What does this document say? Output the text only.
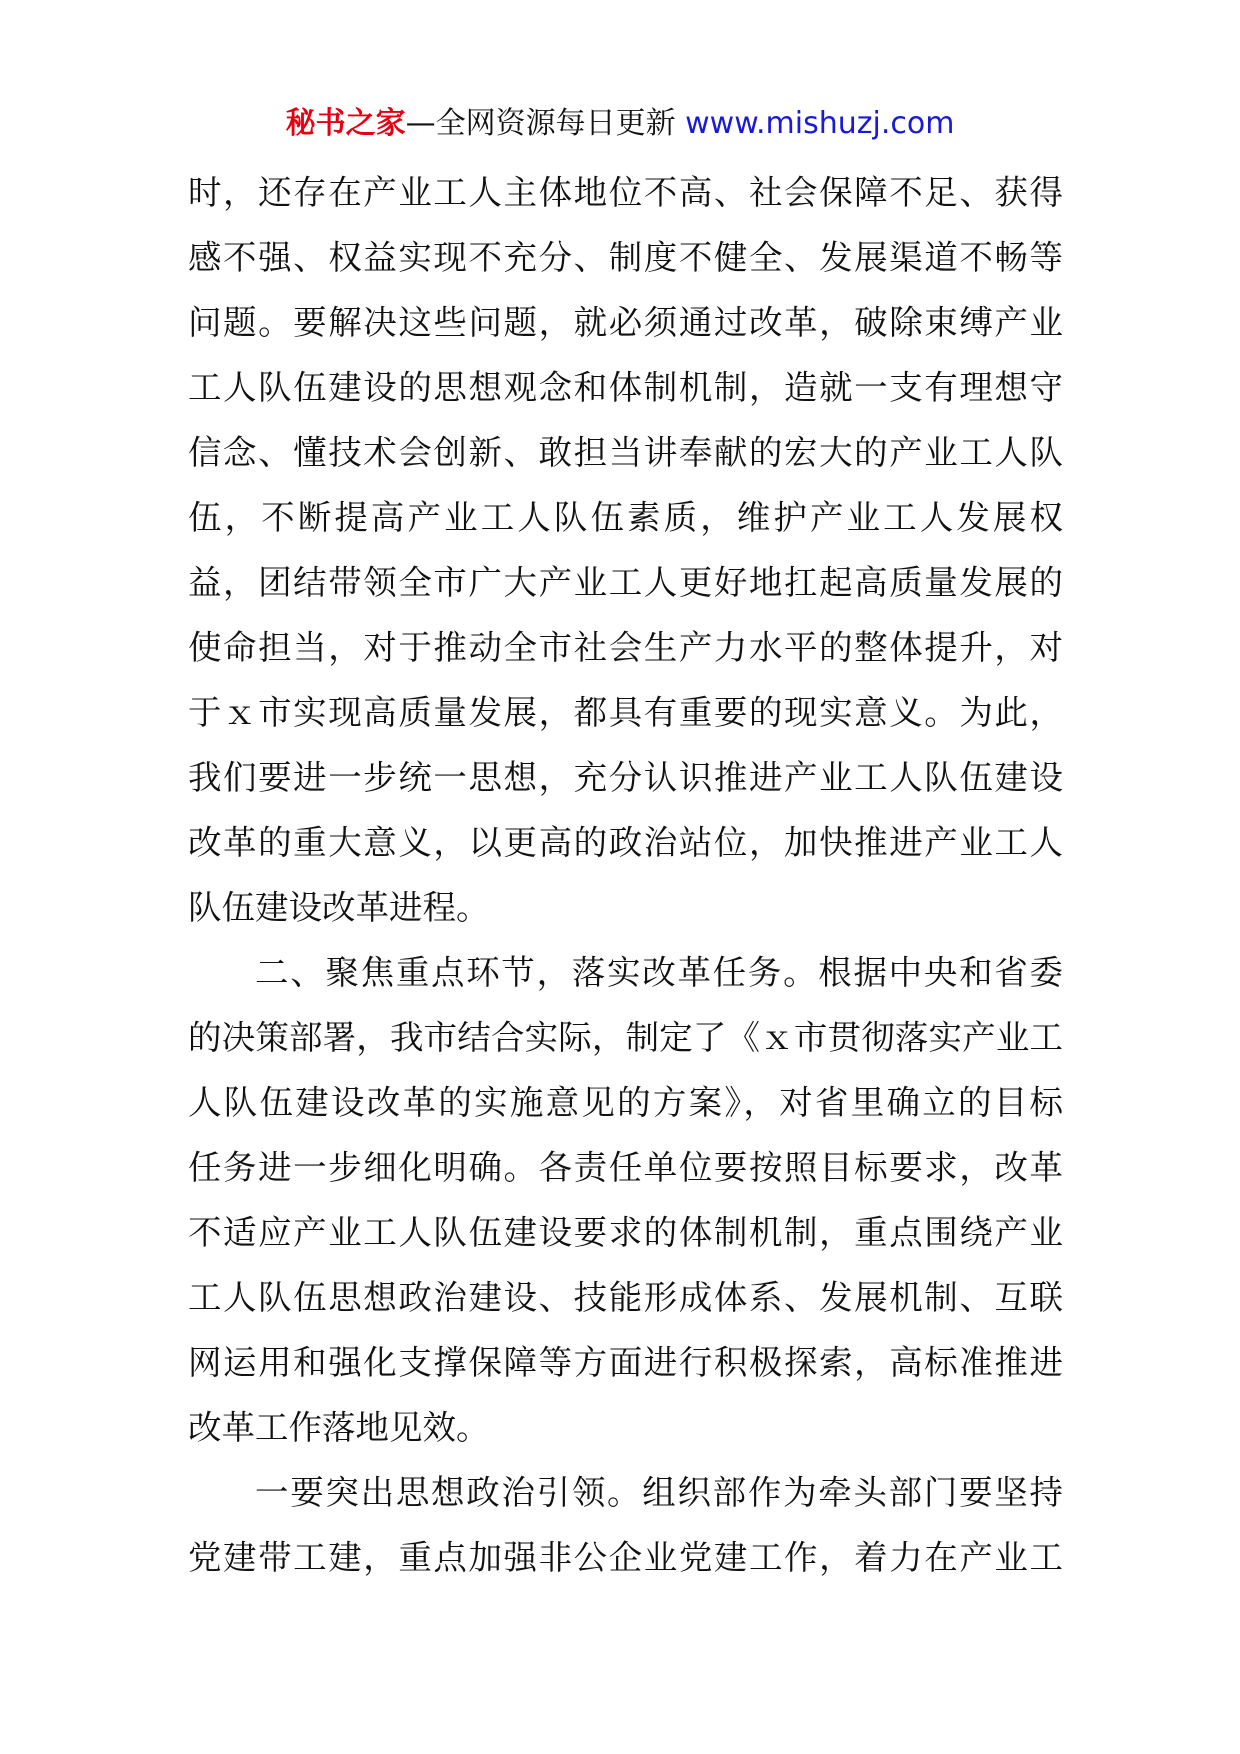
秘书之家—全网资源每日更新 www.mishuzj.com
时，还存在产业工人主体地位不高、社会保障不足、获得
感不强、权益实现不充分、制度不健全、发展渠道不畅等
问题。要解决这些问题，就必须通过改革，破除束缚产业
工人队伍建设的思想观念和体制机制，造就一支有理想守
信念、懂技术会创新、敢担当讲奉献的宏大的产业工人队
伍，不断提高产业工人队伍素质，维护产业工人发展权
益，团结带领全市广大产业工人更好地扛起高质量发展的
使命担当，对于推动全市社会生产力水平的整体提升，对
于ｘ市实现高质量发展，都具有重要的现实意义。为此，
我们要进一步统一思想，充分认识推进产业工人队伍建设
改革的重大意义，以更高的政治站位，加快推进产业工人
队伍建设改革进程。
二、聚焦重点环节，落实改革任务。根据中央和省委
的决策部署，我市结合实际，制定了《ｘ市贯彻落实产业工
人队伍建设改革的实施意见的方案》，对省里确立的目标
任务进一步细化明确。各责任单位要按照目标要求，改革
不适应产业工人队伍建设要求的体制机制，重点围绕产业
工人队伍思想政治建设、技能形成体系、发展机制、互联
网运用和强化支撑保障等方面进行积极探索，高标准推进
改革工作落地见效。
一要突出思想政治引领。组织部作为牵头部门要坚持
党建带工建，重点加强非公企业党建工作，着力在产业工
